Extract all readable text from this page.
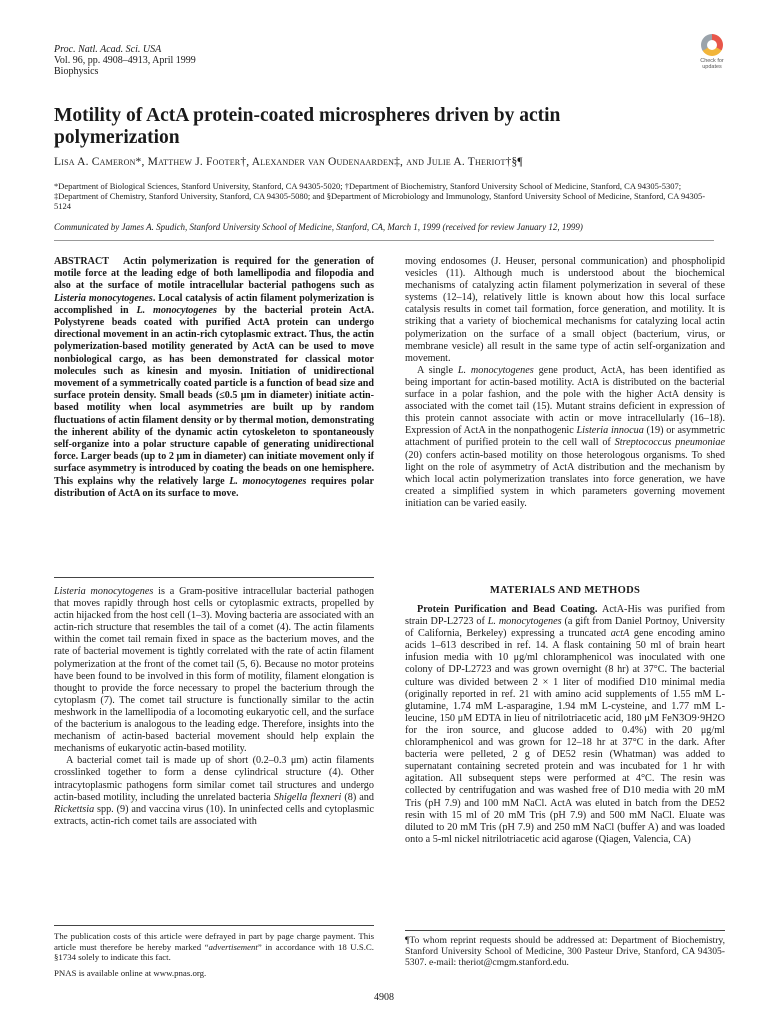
Proc. Natl. Acad. Sci. USA
Vol. 96, pp. 4908–4913, April 1999
Biophysics
Check for
updates
Motility of ActA protein-coated microspheres driven by actin polymerization
Lisa A. Cameron*, Matthew J. Footer†, Alexander van Oudenaarden‡, and Julie A. Theriot†§¶
*Department of Biological Sciences, Stanford University, Stanford, CA 94305-5020; †Department of Biochemistry, Stanford University School of Medicine, Stanford, CA 94305-5307; ‡Department of Chemistry, Stanford University, Stanford, CA 94305-5080; and §Department of Microbiology and Immunology, Stanford University School of Medicine, Stanford, CA 94305-5124
Communicated by James A. Spudich, Stanford University School of Medicine, Stanford, CA, March 1, 1999 (received for review January 12, 1999)
ABSTRACT Actin polymerization is required for the generation of motile force at the leading edge of both lamellipodia and filopodia and also at the surface of motile intracellular bacterial pathogens such as Listeria monocytogenes. Local catalysis of actin filament polymerization is accomplished in L. monocytogenes by the bacterial protein ActA. Polystyrene beads coated with purified ActA protein can undergo directional movement in an actin-rich cytoplasmic extract. Thus, the actin polymerization-based motility generated by ActA can be used to move nonbiological cargo, as has been demonstrated for classical motor molecules such as kinesin and myosin. Initiation of unidirectional movement of a symmetrically coated particle is a function of bead size and surface protein density. Small beads (≤0.5 μm in diameter) initiate actin-based motility when local asymmetries are built up by random fluctuations of actin filament density or by thermal motion, demonstrating the inherent ability of the dynamic actin cytoskeleton to spontaneously self-organize into a polar structure capable of generating unidirectional force. Larger beads (up to 2 μm in diameter) can initiate movement only if surface asymmetry is introduced by coating the beads on one hemisphere. This explains why the relatively large L. monocytogenes requires polar distribution of ActA on its surface to move.

Listeria monocytogenes is a Gram-positive intracellular bacterial pathogen that moves rapidly through host cells or cytoplasmic extracts, propelled by actin hijacked from the host cell (1–3). Moving bacteria are associated with an actin-rich structure that resembles the tail of a comet (4). The actin filaments within the comet tail remain fixed in space as the bacterium moves, and the rate of bacterial movement is tightly correlated with the rate of actin filament polymerization at the front of the comet tail (5, 6). Because no motor proteins have been found to be involved in this form of motility, filament elongation is thought to provide the force necessary to propel the bacterium through the cytoplasm (7). The comet tail structure is functionally similar to the actin meshwork in the lamellipodia of a locomoting eukaryotic cell, and the surface of the bacterium is analogous to the leading edge. Therefore, insights into the mechanism of actin-based bacterial movement should help explain the mechanisms of eukaryotic actin-based motility.

A bacterial comet tail is made up of short (0.2–0.3 μm) actin filaments crosslinked together to form a dense cylindrical structure (4). Other intracytoplasmic pathogens form similar comet tail structures and undergo actin-based motility, including the unrelated bacteria Shigella flexneri (8) and Rickettsia spp. (9) and vaccina virus (10). In uninfected cells and cytoplasmic extracts, actin-rich comet tails are associated with

moving endosomes (J. Heuser, personal communication) and phospholipid vesicles (11). Although much is understood about the biochemical mechanisms of catalyzing actin filament polymerization in several of these systems (12–14), relatively little is known about how this local surface catalysis results in comet tail formation, force generation, and motility. It is striking that a variety of biochemical mechanisms for catalyzing local actin polymerization on the surface of a small object (bacterium, virus, or membrane vesicle) all result in the same type of actin self-organization and movement.

A single L. monocytogenes gene product, ActA, has been identified as being important for actin-based motility. ActA is distributed on the bacterial surface in a polar fashion, and the pole with the higher ActA density is associated with the comet tail (15). Mutant strains deficient in expression of this protein cannot associate with actin or move intracellularly (16–18). Expression of ActA in the nonpathogenic Listeria innocua (19) or asymmetric attachment of purified protein to the cell wall of Streptococcus pneumoniae (20) confers actin-based motility on those heterologous organisms. To shed light on the role of asymmetry of ActA distribution and the mechanism by which local actin polymerization translates into force generation, we have created a simplified system in which parameters governing movement initiation can be varied easily.

MATERIALS AND METHODS

Protein Purification and Bead Coating. ActA-His was purified from strain DP-L2723 of L. monocytogenes (a gift from Daniel Portnoy, University of California, Berkeley) expressing a truncated actA gene encoding amino acids 1–613 described in ref. 14. A flask containing 50 ml of brain heart infusion media with 10 μg/ml chloramphenicol was inoculated with one colony of DP-L2723 and was grown overnight (8 hr) at 37°C. The bacterial culture was divided between 2 × 1 liter of modified D10 minimal media (originally reported in ref. 21 with amino acid supplements of 1.55 mM L-glutamine, 1.74 mM L-asparagine, 1.94 mM L-cysteine, and 1.77 mM L-leucine, 150 μM EDTA in lieu of nitrilotriacetic acid, 180 μM FeN3O9·9H2O for the iron source, and glucose added to 0.4%) with 20 μg/ml chloramphenicol and was grown for 12–18 hr at 37°C in the dark. After bacteria were pelleted, 2 g of DE52 resin (Whatman) was added to supernatant containing secreted protein and was incubated for 1 hr with agitation. All subsequent steps were performed at 4°C. The resin was collected by centrifugation and was washed free of D10 media with 20 mM Tris (pH 7.9) and 100 mM NaCl. ActA was eluted in batch from the DE52 resin with 15 ml of 20 mM Tris (pH 7.9) and 500 mM NaCl. Eluate was diluted to 20 mM Tris (pH 7.9) and 250 mM NaCl (buffer A) and was loaded onto a 5-ml nickel nitrilotriacetic acid agarose (Qiagen, Valencia, CA)

The publication costs of this article were defrayed in part by page charge payment. This article must therefore be hereby marked “advertisement” in accordance with 18 U.S.C. §1734 solely to indicate this fact.

PNAS is available online at www.pnas.org.

¶To whom reprint requests should be addressed at: Department of Biochemistry, Stanford University School of Medicine, 300 Pasteur Drive, Stanford, CA 94305-5307. e-mail: theriot@cmgm.stanford.edu.
4908
